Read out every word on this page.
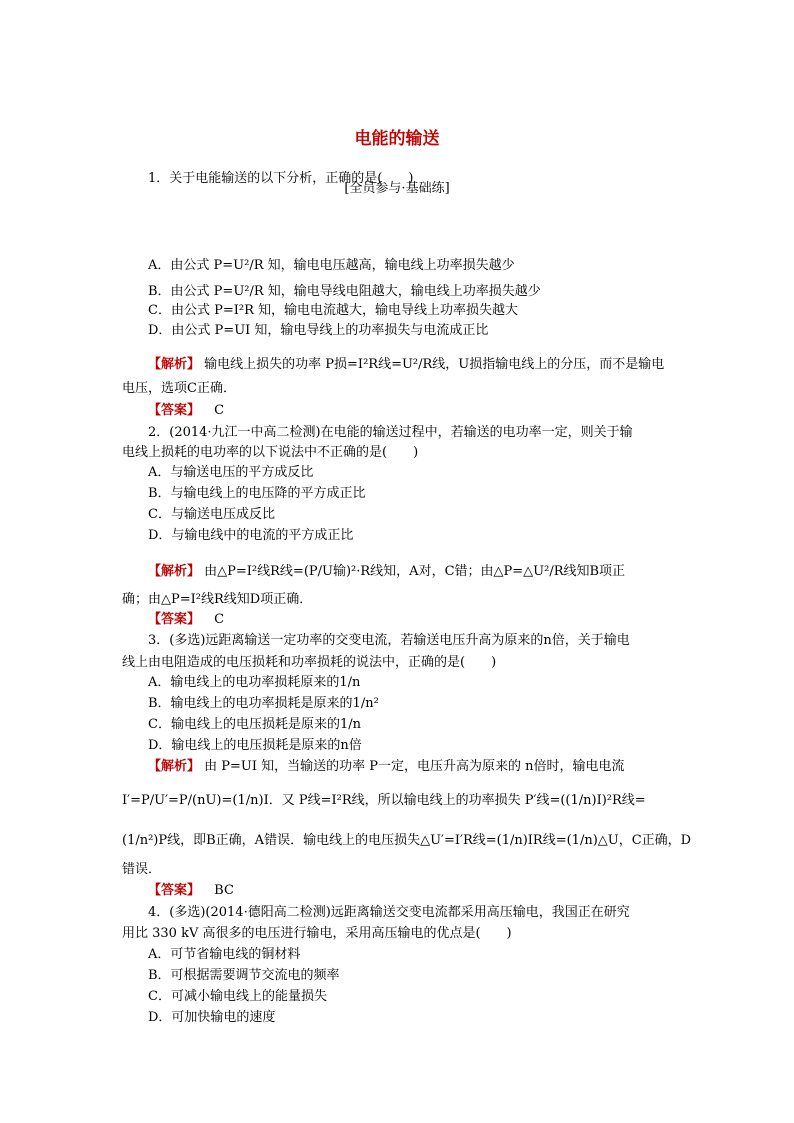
电能的输送
[全员参与·基础练]
1．关于电能输送的以下分析，正确的是(　　)
A．由公式 P=U²/R 知，输电电压越高，输电线上功率损失越少
B．由公式 P=U²/R 知，输电导线电阻越大，输电线上功率损失越少
C．由公式 P=I²R 知，输电电流越大，输电导线上功率损失越大
D．由公式 P=UI 知，输电导线上的功率损失与电流成正比
【解析】 输电线上损失的功率 P损=I²R线=U²/R线，U损指输电线上的分压，而不是输电
电压，选项C正确．
【答案】 C
2．(2014·九江一中高二检测)在电能的输送过程中，若输送的电功率一定，则关于输
电线上损耗的电功率的以下说法中不正确的是(　　)
A．与输送电压的平方成反比
B．与输电线上的电压降的平方成正比
C．与输送电压成反比
D．与输电线中的电流的平方成正比
【解析】 由△P=I²线R线=(P/U输)²·R线知，A对，C错；由△P=△U²/R线知B项正
确；由△P=I²线R线知D项正确．
【答案】 C
3．(多选)远距离输送一定功率的交变电流，若输送电压升高为原来的n倍，关于输电
线上由电阻造成的电压损耗和功率损耗的说法中，正确的是(　　)
A．输电线上的电功率损耗原来的1/n
B．输电线上的电功率损耗是原来的1/n²
C．输电线上的电压损耗是原来的1/n
D．输电线上的电压损耗是原来的n倍
【解析】 由 P=UI 知，当输送的功率 P一定，电压升高为原来的 n倍时，输电电流
I′=P/U′=P/(nU)=(1/n)I．又 P线=I²R线，所以输电线上的功率损失 P′线=((1/n)I)²R线=
(1/n²)P线，即B正确，A错误．输电线上的电压损失△U′=I′R线=(1/n)IR线=(1/n)△U，C正确，D
错误．
【答案】 BC
4．(多选)(2014·德阳高二检测)远距离输送交变电流都采用高压输电，我国正在研究
用比 330 kV 高很多的电压进行输电，采用高压输电的优点是(　　)
A．可节省输电线的铜材料
B．可根据需要调节交流电的频率
C．可减小输电线上的能量损失
D．可加快输电的速度
